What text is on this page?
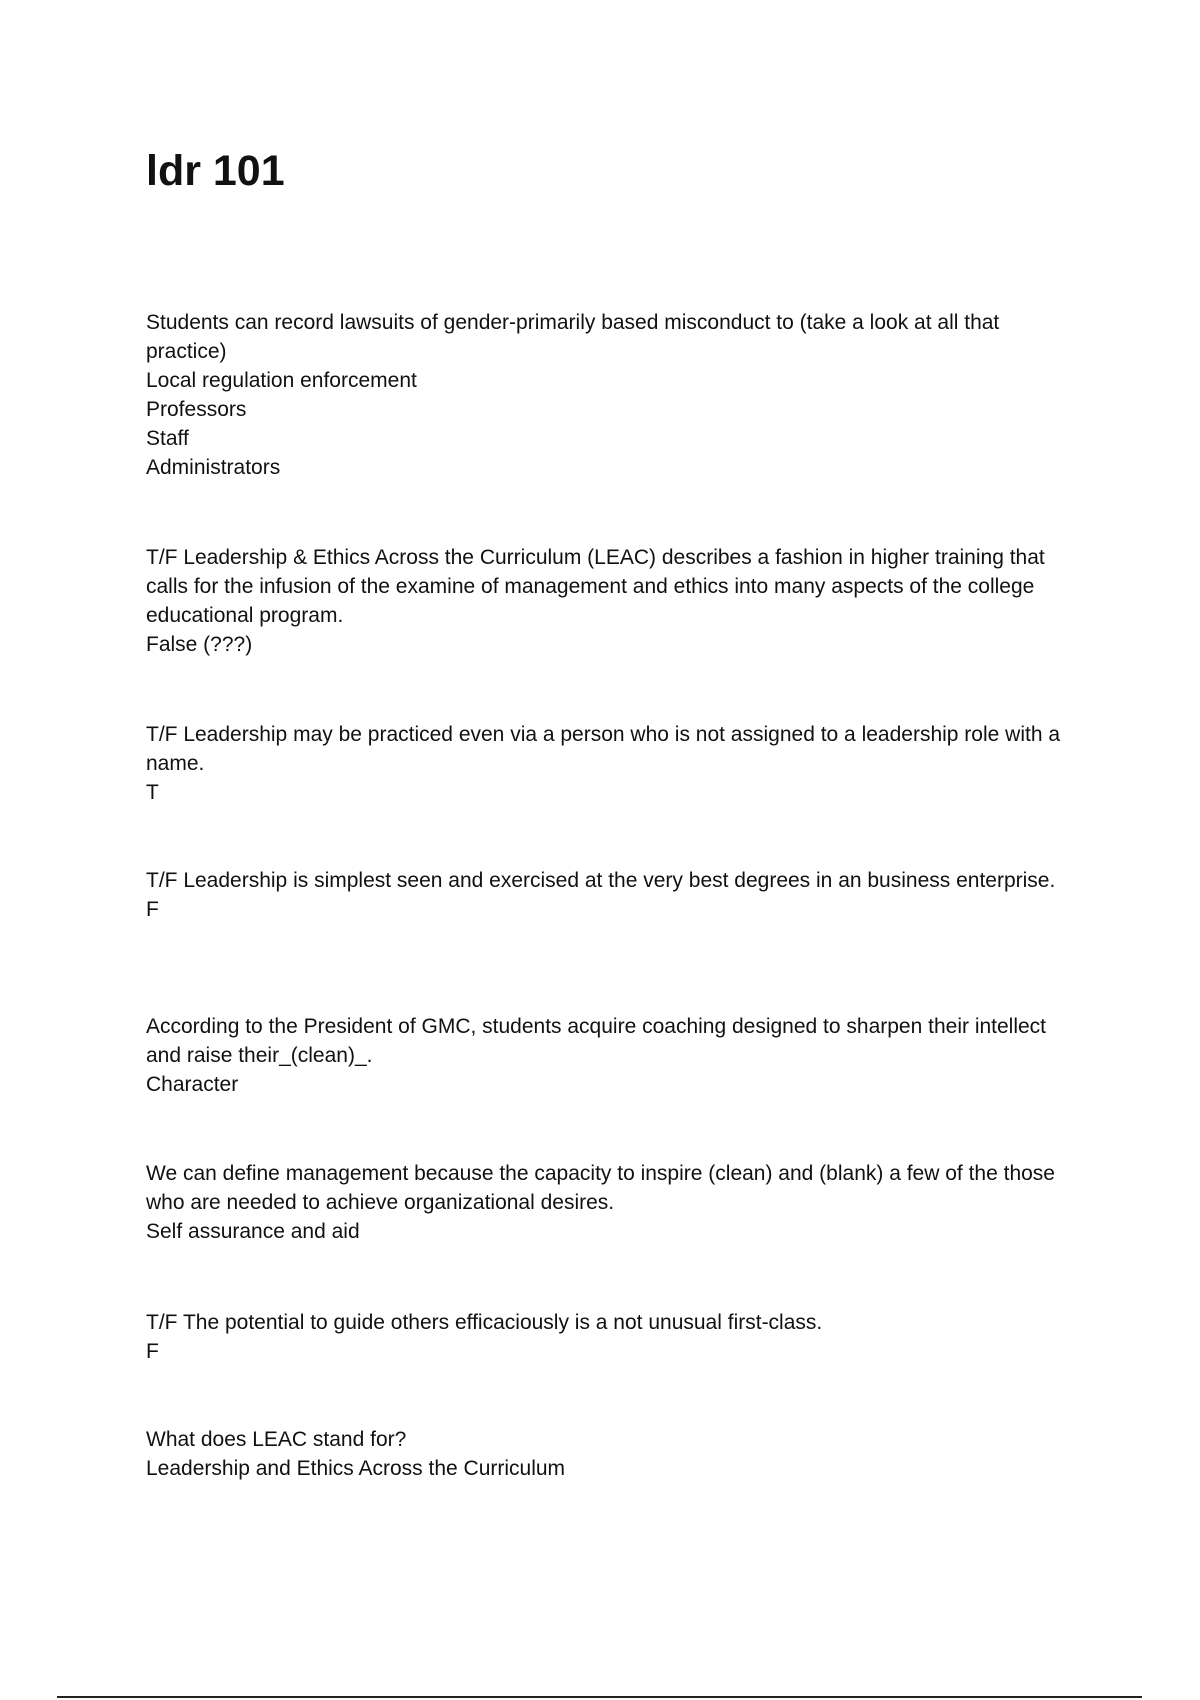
ldr 101

Students can record lawsuits of gender-primarily based misconduct to (take a look at all that practice)

Local regulation enforcement
Professors
Staff
Administrators

T/F Leadership & Ethics Across the Curriculum (LEAC) describes a fashion in higher training that calls for the infusion of the examine of management and ethics into many aspects of the college educational program.

False (???)

T/F Leadership may be practiced even via a person who is not assigned to a leadership role with a name.

T

T/F Leadership is simplest seen and exercised at the very best degrees in an business enterprise.

F

According to the President of GMC, students acquire coaching designed to sharpen their intellect and raise their_(clean)_.

Character

We can define management because the capacity to inspire (clean) and (blank) a few of the those who are needed to achieve organizational desires.

Self assurance and aid

T/F The potential to guide others efficaciously is a not unusual first-class.

F

What does LEAC stand for?

Leadership and Ethics Across the Curriculum
